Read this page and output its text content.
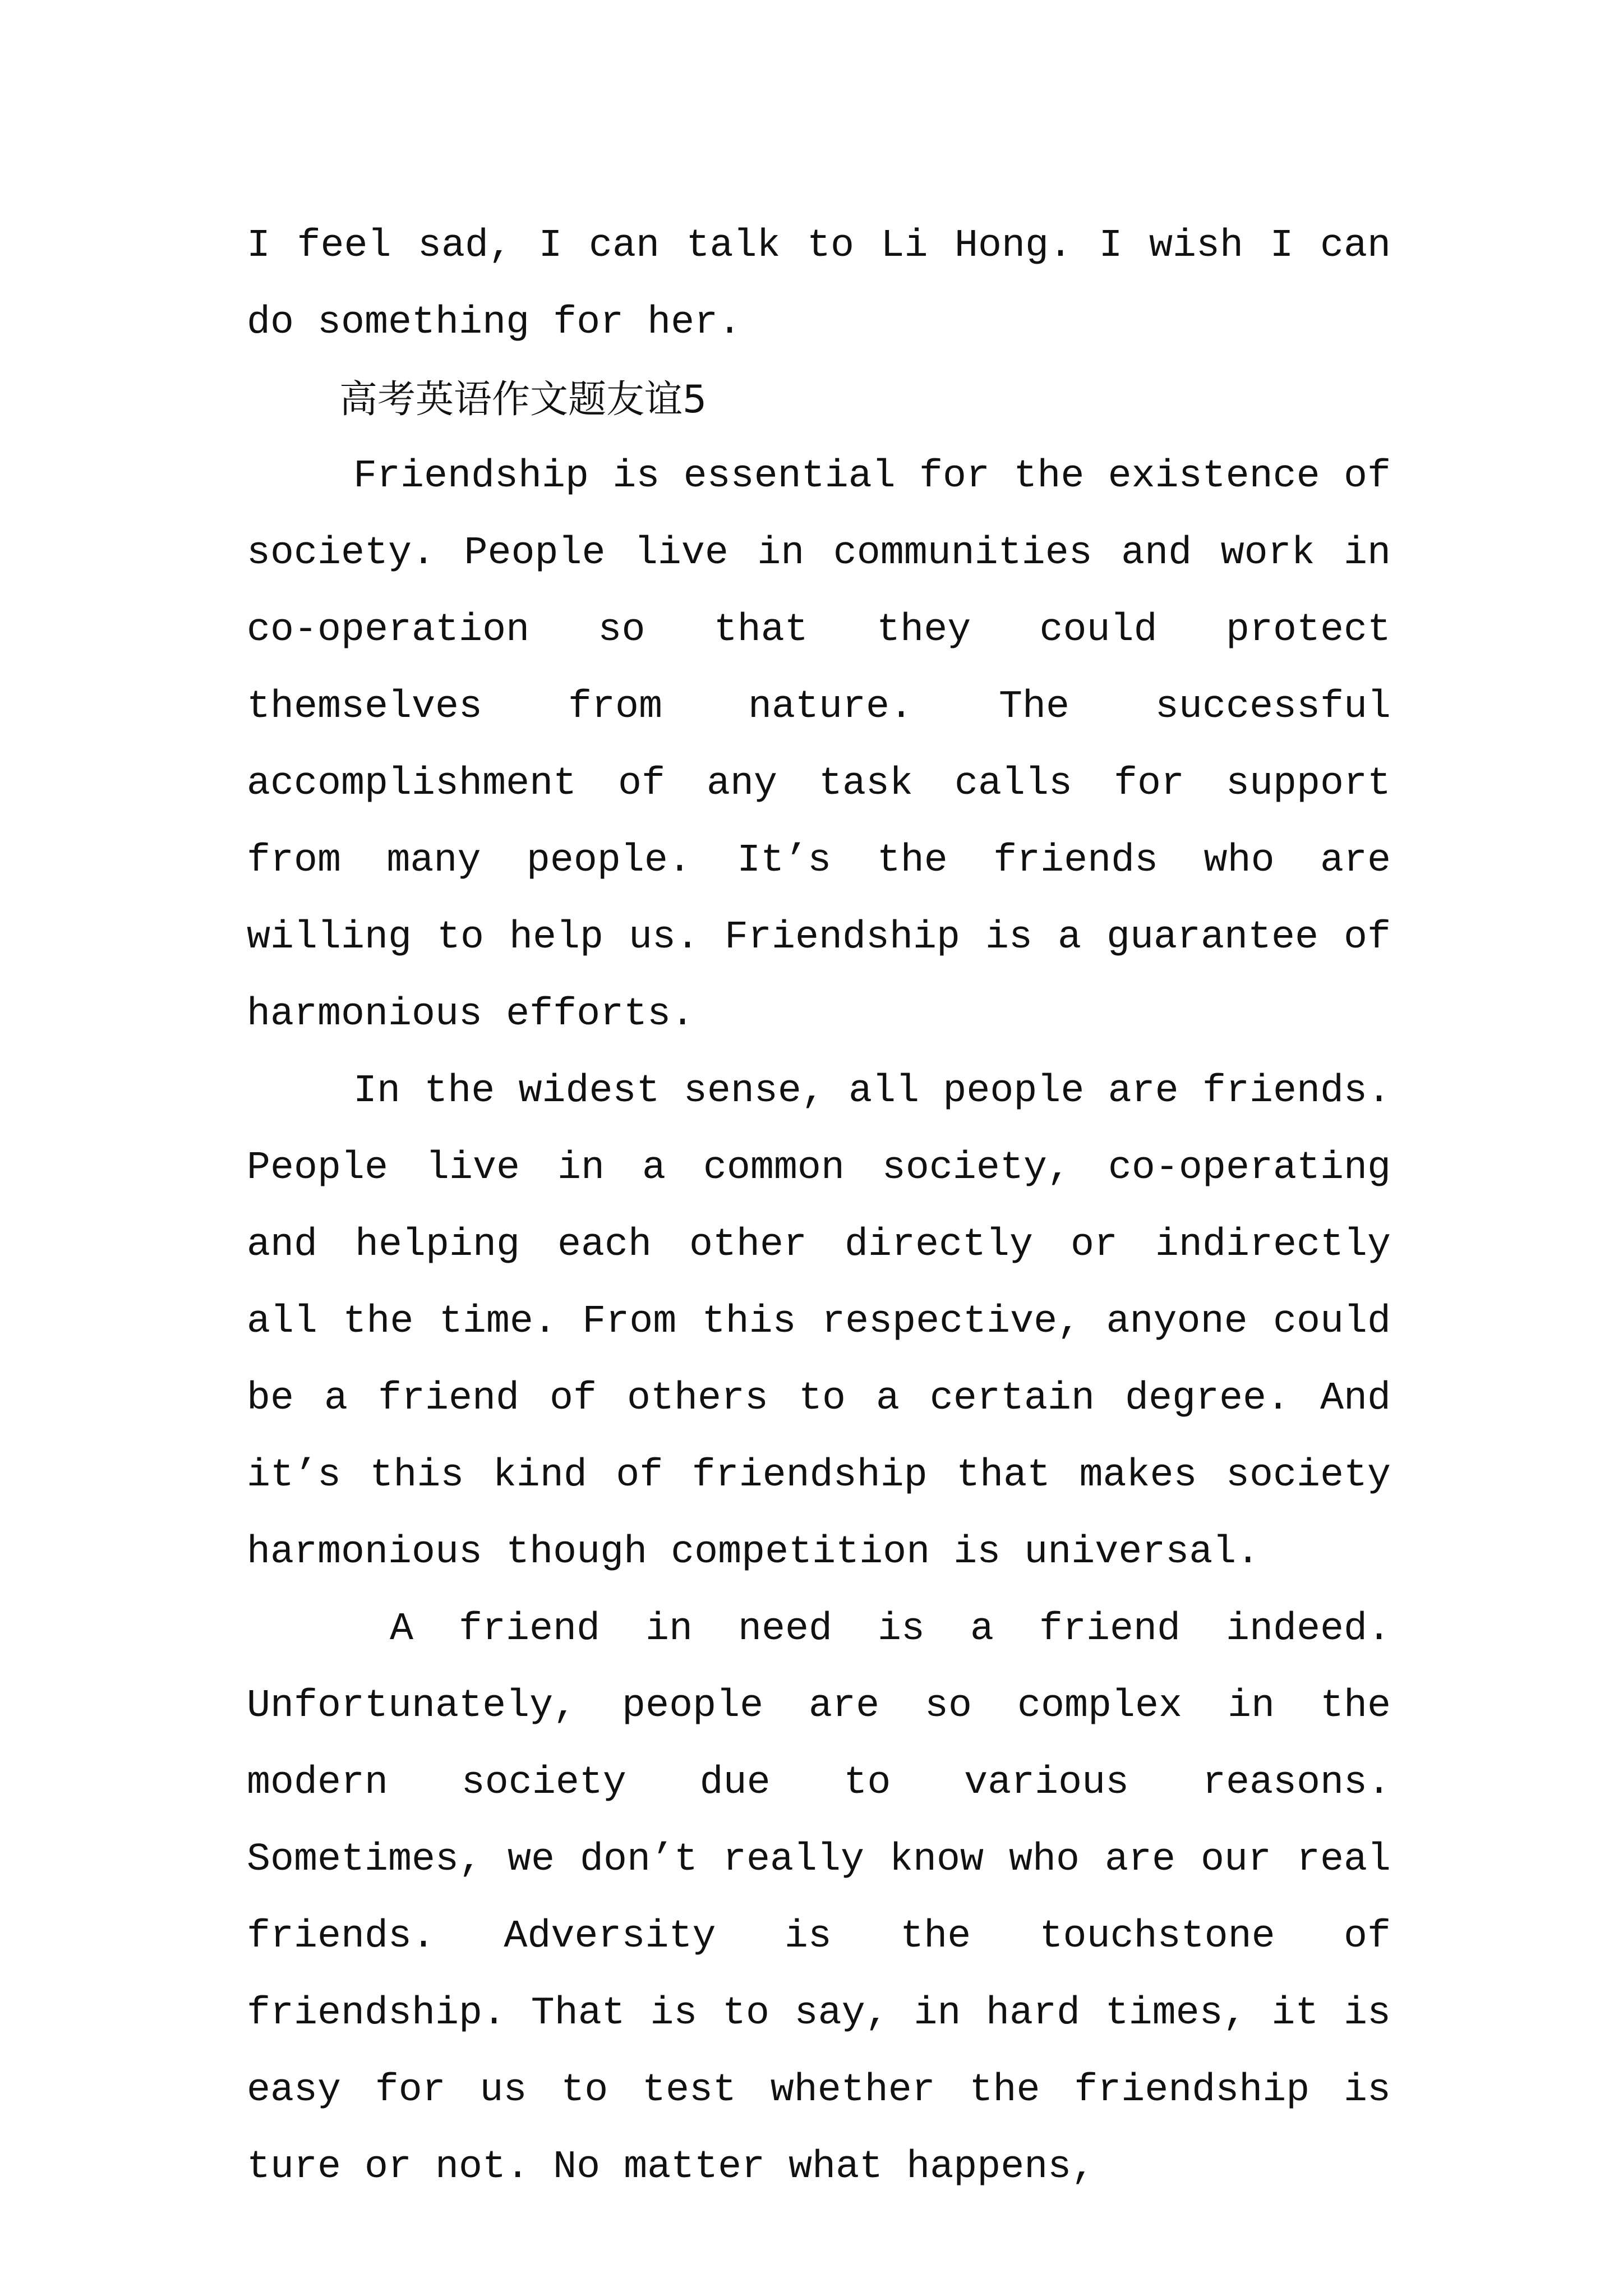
I feel sad, I can talk to Li Hong. I wish I can do something for her.

高考英语作文题友谊5

Friendship is essential for the existence of society. People live in communities and work in co-operation so that they could protect themselves from nature. The successful accomplishment of any task calls for support from many people. It’s the friends who are willing to help us. Friendship is a guarantee of harmonious efforts.

In the widest sense, all people are friends. People live in a common society, co-operating and helping each other directly or indirectly all the time. From this respective, anyone could be a friend of others to a certain degree. And it’s this kind of friendship that makes society harmonious though competition is universal.

A friend in need is a friend indeed. Unfortunately, people are so complex in the modern society due to various reasons. Sometimes, we don’t really know who are our real friends. Adversity is the touchstone of friendship. That is to say, in hard times, it is easy for us to test whether the friendship is ture or not. No matter what happens,
